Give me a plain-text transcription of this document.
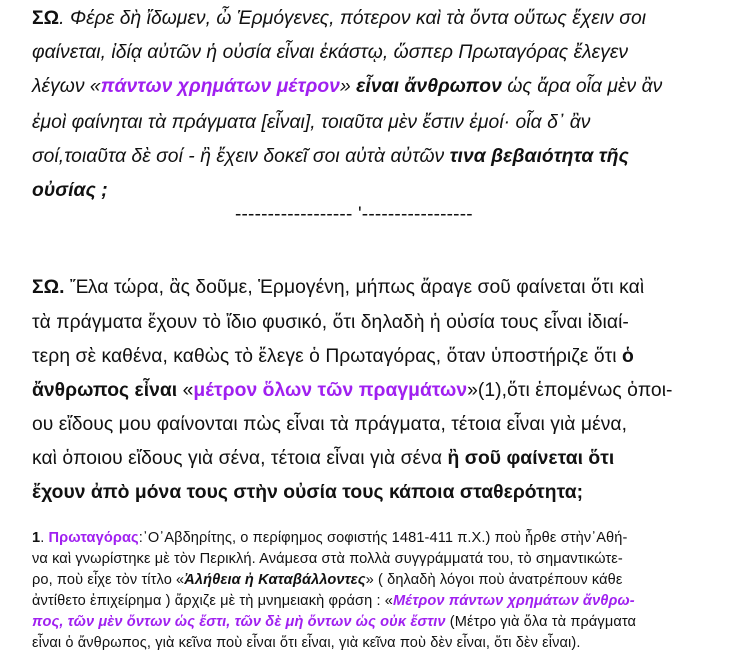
ΣΩ. Φέρε δὴ ἴδωμεν, ὦ Ἑρμόγενες, πότερον καὶ τὰ ὄντα οὕτως ἔχειν σοι
φαίνεται, ἰδίᾳ αὐτῶν ἡ οὐσία εἶναι ἑκάστῳ, ὥσπερ Πρωταγόρας ἔλεγεν
λέγων «πάντων χρημάτων μέτρον» εἶναι ἄνθρωπον ὡς ἄρα οἷα μὲν ἂν
ἐμοὶ φαίνηται τὰ πράγματα [εἶναι], τοιαῦτα μὲν ἔστιν ἐμοί· οἷα δ᾽ ἂν
σοί,τοιαῦτα δὲ σοί - ἢ ἔχειν δοκεῖ σοι αὐτὰ αὐτῶν τινα βεβαιότητα τῆς
οὐσίας ;
------------------ '-----------------
ΣΩ. Ἔλα τώρα, ἂς δοῦμε, Ἑρμογένη, μήπως ἄραγε σοῦ φαίνεται ὅτι καὶ
τὰ πράγματα ἔχουν τὸ ἴδιο φυσικό, ὅτι δηλαδὴ ἡ οὐσία τους εἶναι ἰδιαί-
τερη σὲ καθένα, καθὼς τὸ ἔλεγε ὁ Πρωταγόρας, ὅταν ὑποστήριζε ὅτι ὁ
ἄνθρωπος εἶναι «μέτρον ὅλων τῶν πραγμάτων»(1),ὅτι ἑπομένως ὁποι-
ου εἴδους μου φαίνονται πὼς εἶναι τὰ πράγματα, τέτοια εἶναι γιὰ μένα,
καὶ ὁποιου εἴδους γιὰ σένα, τέτοια εἶναι γιὰ σένα ἢ σοῦ φαίνεται ὅτι
ἔχουν ἀπὸ μόνα τους στὴν οὐσία τους κάποια σταθερότητα;
1. Πρωταγόρας:᾽Ο᾽Αβδηρίτης, ο περίφημος σοφιστής 1481-411 π.Χ.) ποὺ ἦρθε στὴν᾽Αθή-
να καὶ γνωρίστηκε μὲ τὸν Περικλή. Ανάμεσα στὰ πολλὰ συγγράμματά του, τὸ σημαντικώτε-
ρο, ποὺ εἶχε τὸν τίτλο «Ἀλήθεια ἠ Καταβάλλοντες» ( δηλαδὴ λόγοι ποὺ ἀνατρέπουν κάθε
ἀντίθετο ἐπιχείρημα ) ἄρχιζε μὲ τὴ μνημειακὴ φράση : «Μέτρον πάντων χρημάτων ἄνθρω-
πος, τῶν μὲν ὄντων ὡς ἔστι, τῶν δὲ μὴ ὄντων ὡς οὐκ ἔστιν (Μέτρο γιὰ ὅλα τὰ πράγματα
εἶναι ὁ ἄνθρωπος, γιὰ κεῖνα ποὺ εἶναι ὅτι εἶναι, γιὰ κεῖνα ποὺ δὲν εἶναι, ὅτι δὲν εἶναι).
